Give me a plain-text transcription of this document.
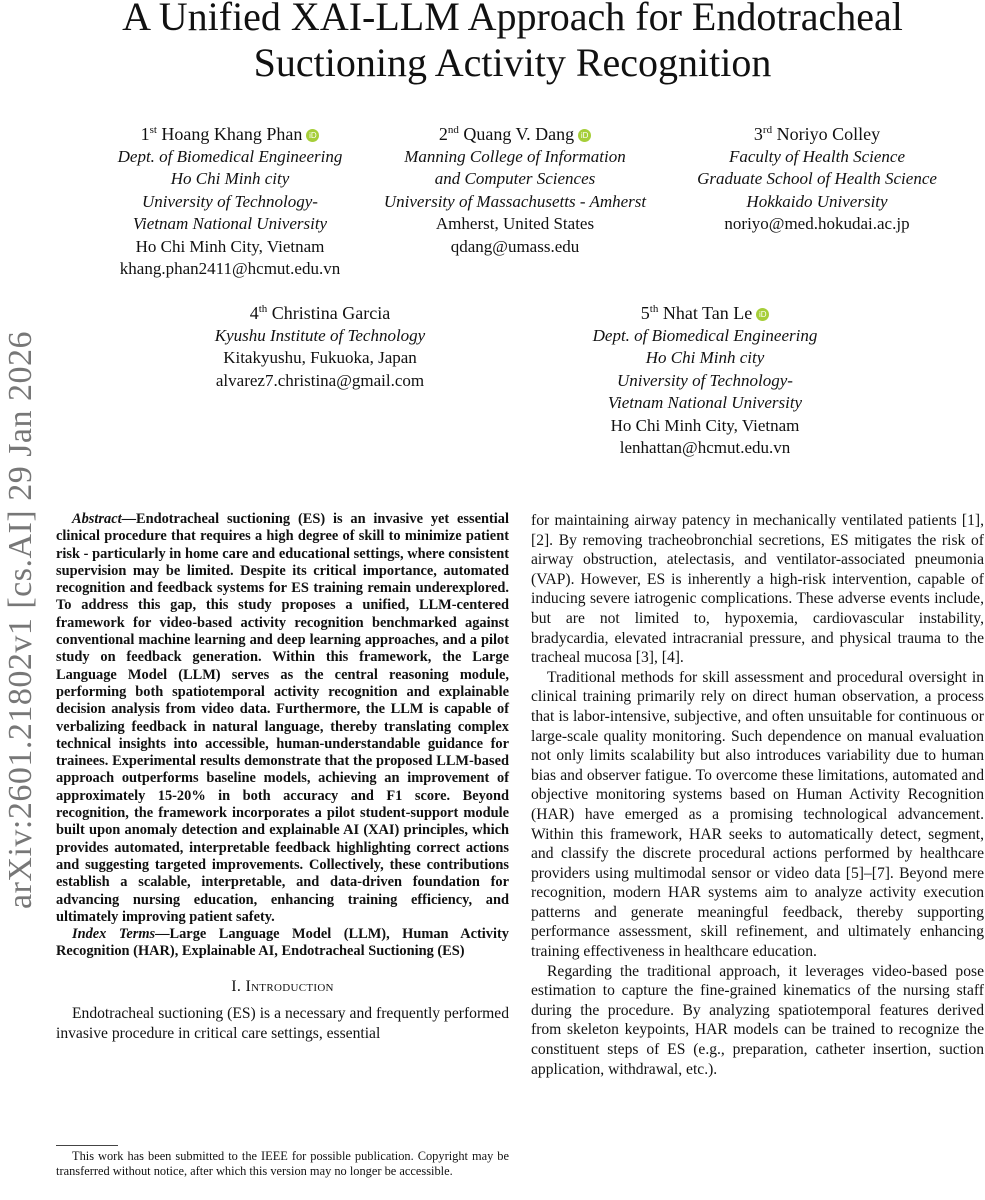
arXiv:2601.21802v1 [cs.AI] 29 Jan 2026
A Unified XAI-LLM Approach for Endotracheal Suctioning Activity Recognition
1st Hoang Khang Phan iD
Dept. of Biomedical Engineering
Ho Chi Minh city
University of Technology-
Vietnam National University
Ho Chi Minh City, Vietnam
khang.phan2411@hcmut.edu.vn
2nd Quang V. Dang iD
Manning College of Information
and Computer Sciences
University of Massachusetts - Amherst
Amherst, United States
qdang@umass.edu
3rd Noriyo Colley
Faculty of Health Science
Graduate School of Health Science
Hokkaido University
noriyo@med.hokudai.ac.jp
4th Christina Garcia
Kyushu Institute of Technology
Kitakyushu, Fukuoka, Japan
alvarez7.christina@gmail.com
5th Nhat Tan Le iD
Dept. of Biomedical Engineering
Ho Chi Minh city
University of Technology-
Vietnam National University
Ho Chi Minh City, Vietnam
lenhattan@hcmut.edu.vn

Abstract—Endotracheal suctioning (ES) is an invasive yet essential clinical procedure that requires a high degree of skill to minimize patient risk - particularly in home care and educational settings, where consistent supervision may be limited. Despite its critical importance, automated recognition and feedback systems for ES training remain underexplored. To address this gap, this study proposes a unified, LLM-centered framework for video-based activity recognition benchmarked against conventional machine learning and deep learning approaches, and a pilot study on feedback generation. Within this framework, the Large Language Model (LLM) serves as the central reasoning module, performing both spatiotemporal activity recognition and explainable decision analysis from video data. Furthermore, the LLM is capable of verbalizing feedback in natural language, thereby translating complex technical insights into accessible, human-understandable guidance for trainees. Experimental results demonstrate that the proposed LLM-based approach outperforms baseline models, achieving an improvement of approximately 15-20% in both accuracy and F1 score. Beyond recognition, the framework incorporates a pilot student-support module built upon anomaly detection and explainable AI (XAI) principles, which provides automated, interpretable feedback highlighting correct actions and suggesting targeted improvements. Collectively, these contributions establish a scalable, interpretable, and data-driven foundation for advancing nursing education, enhancing training efficiency, and ultimately improving patient safety.

Index Terms—Large Language Model (LLM), Human Activity Recognition (HAR), Explainable AI, Endotracheal Suctioning (ES)

I. Introduction

Endotracheal suctioning (ES) is a necessary and frequently performed invasive procedure in critical care settings, essential

This work has been submitted to the IEEE for possible publication. Copyright may be transferred without notice, after which this version may no longer be accessible.

for maintaining airway patency in mechanically ventilated patients [1], [2]. By removing tracheobronchial secretions, ES mitigates the risk of airway obstruction, atelectasis, and ventilator-associated pneumonia (VAP). However, ES is inherently a high-risk intervention, capable of inducing severe iatrogenic complications. These adverse events include, but are not limited to, hypoxemia, cardiovascular instability, bradycardia, elevated intracranial pressure, and physical trauma to the tracheal mucosa [3], [4].

Traditional methods for skill assessment and procedural oversight in clinical training primarily rely on direct human observation, a process that is labor-intensive, subjective, and often unsuitable for continuous or large-scale quality monitoring. Such dependence on manual evaluation not only limits scalability but also introduces variability due to human bias and observer fatigue. To overcome these limitations, automated and objective monitoring systems based on Human Activity Recognition (HAR) have emerged as a promising technological advancement. Within this framework, HAR seeks to automatically detect, segment, and classify the discrete procedural actions performed by healthcare providers using multimodal sensor or video data [5]–[7]. Beyond mere recognition, modern HAR systems aim to analyze activity execution patterns and generate meaningful feedback, thereby supporting performance assessment, skill refinement, and ultimately enhancing training effectiveness in healthcare education.

Regarding the traditional approach, it leverages video-based pose estimation to capture the fine-grained kinematics of the nursing staff during the procedure. By analyzing spatiotemporal features derived from skeleton keypoints, HAR models can be trained to recognize the constituent steps of ES (e.g., preparation, catheter insertion, suction application, withdrawal, etc.).
